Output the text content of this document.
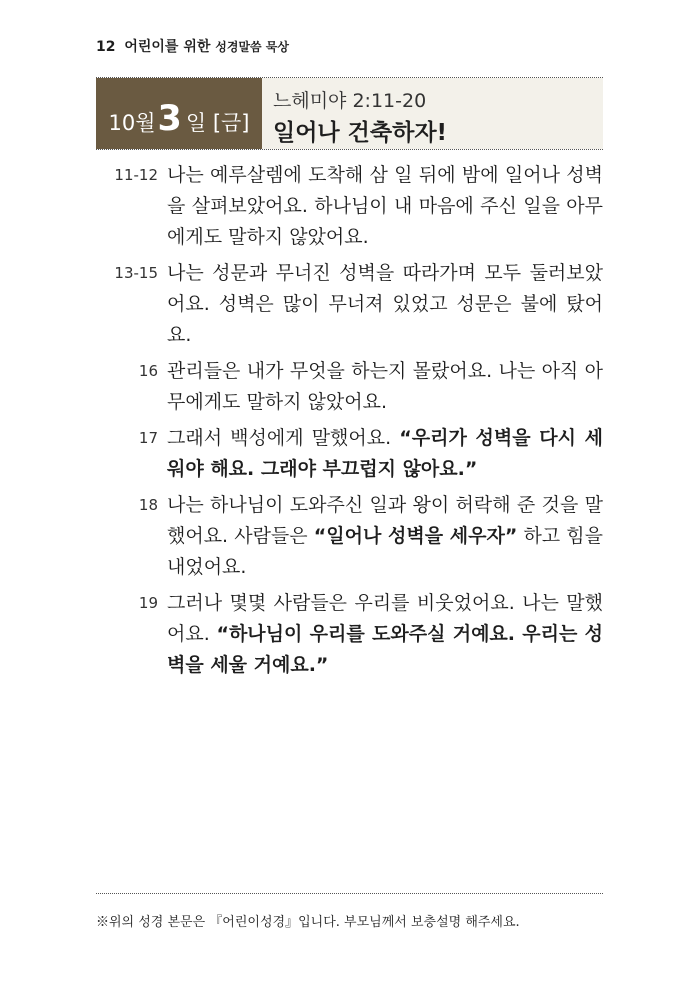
12 어린이를 위한 성경말씀 묵상
10월 3 일 [금]
느헤미야 2:11-20
일어나 건축하자!
11-12 나는 예루살렘에 도착해 삼 일 뒤에 밤에 일어나 성벽을 살펴보았어요. 하나님이 내 마음에 주신 일을 아무에게도 말하지 않았어요.
13-15 나는 성문과 무너진 성벽을 따라가며 모두 둘러보았어요. 성벽은 많이 무너져 있었고 성문은 불에 탔어요.
16 관리들은 내가 무엇을 하는지 몰랐어요. 나는 아직 아무에게도 말하지 않았어요.
17 그래서 백성에게 말했어요. “우리가 성벽을 다시 세워야 해요. 그래야 부끄럽지 않아요.”
18 나는 하나님이 도와주신 일과 왕이 허락해 준 것을 말했어요. 사람들은 “일어나 성벽을 세우자” 하고 힘을 내었어요.
19 그러나 몇몇 사람들은 우리를 비웃었어요. 나는 말했어요. “하나님이 우리를 도와주실 거예요. 우리는 성벽을 세울 거예요.”
※위의 성경 본문은 『어린이성경』입니다. 부모님께서 보충설명 해주세요.
